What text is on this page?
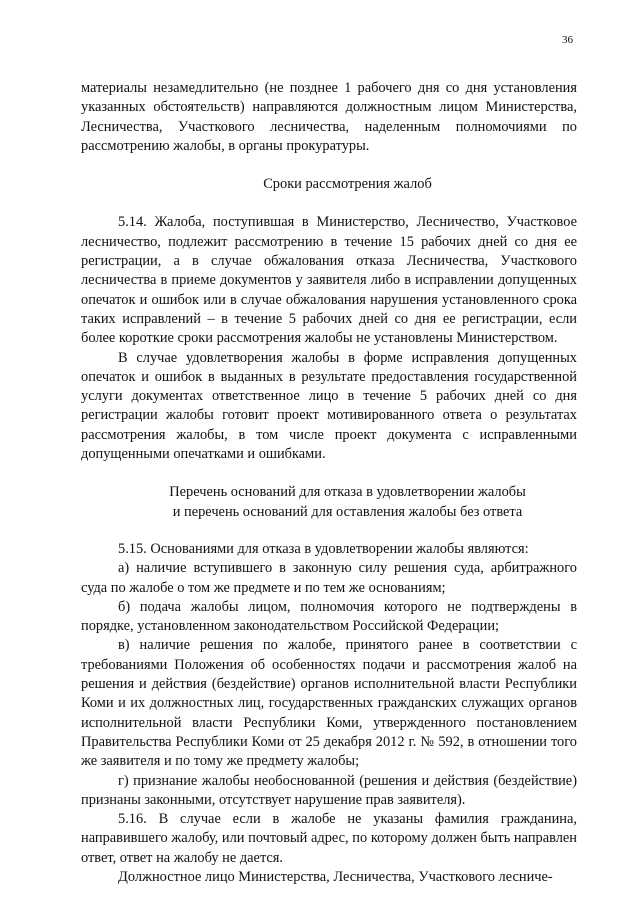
36

материалы незамедлительно (не позднее 1 рабочего дня со дня установления указанных обстоятельств) направляются должностным лицом Министерства, Лесничества, Участкового лесничества, наделенным полномочиями по рассмотрению жалобы, в органы прокуратуры.

Сроки рассмотрения жалоб

5.14. Жалоба, поступившая в Министерство, Лесничество, Участковое лесничество, подлежит рассмотрению в течение 15 рабочих дней со дня ее регистрации, а в случае обжалования отказа Лесничества, Участкового лесничества в приеме документов у заявителя либо в исправлении допущенных опечаток и ошибок или в случае обжалования нарушения установленного срока таких исправлений – в течение 5 рабочих дней со дня ее регистрации, если более короткие сроки рассмотрения жалобы не установлены Министерством.

В случае удовлетворения жалобы в форме исправления допущенных опечаток и ошибок в выданных в результате предоставления государственной услуги документах ответственное лицо в течение 5 рабочих дней со дня регистрации жалобы готовит проект мотивированного ответа о результатах рассмотрения жалобы, в том числе проект документа с исправленными допущенными опечатками и ошибками.

Перечень оснований для отказа в удовлетворении жалобы
и перечень оснований для оставления жалобы без ответа

5.15. Основаниями для отказа в удовлетворении жалобы являются:

а) наличие вступившего в законную силу решения суда, арбитражного суда по жалобе о том же предмете и по тем же основаниям;

б) подача жалобы лицом, полномочия которого не подтверждены в порядке, установленном законодательством Российской Федерации;

в) наличие решения по жалобе, принятого ранее в соответствии с требованиями Положения об особенностях подачи и рассмотрения жалоб на решения и действия (бездействие) органов исполнительной власти Республики Коми и их должностных лиц, государственных гражданских служащих органов исполнительной власти Республики Коми, утвержденного постановлением Правительства Республики Коми от 25 декабря 2012 г. № 592, в отношении того же заявителя и по тому же предмету жалобы;

г) признание жалобы необоснованной (решения и действия (бездействие) признаны законными, отсутствует нарушение прав заявителя).

5.16. В случае если в жалобе не указаны фамилия гражданина, направившего жалобу, или почтовый адрес, по которому должен быть направлен ответ, ответ на жалобу не дается.

Должностное лицо Министерства, Лесничества, Участкового лесниче-
